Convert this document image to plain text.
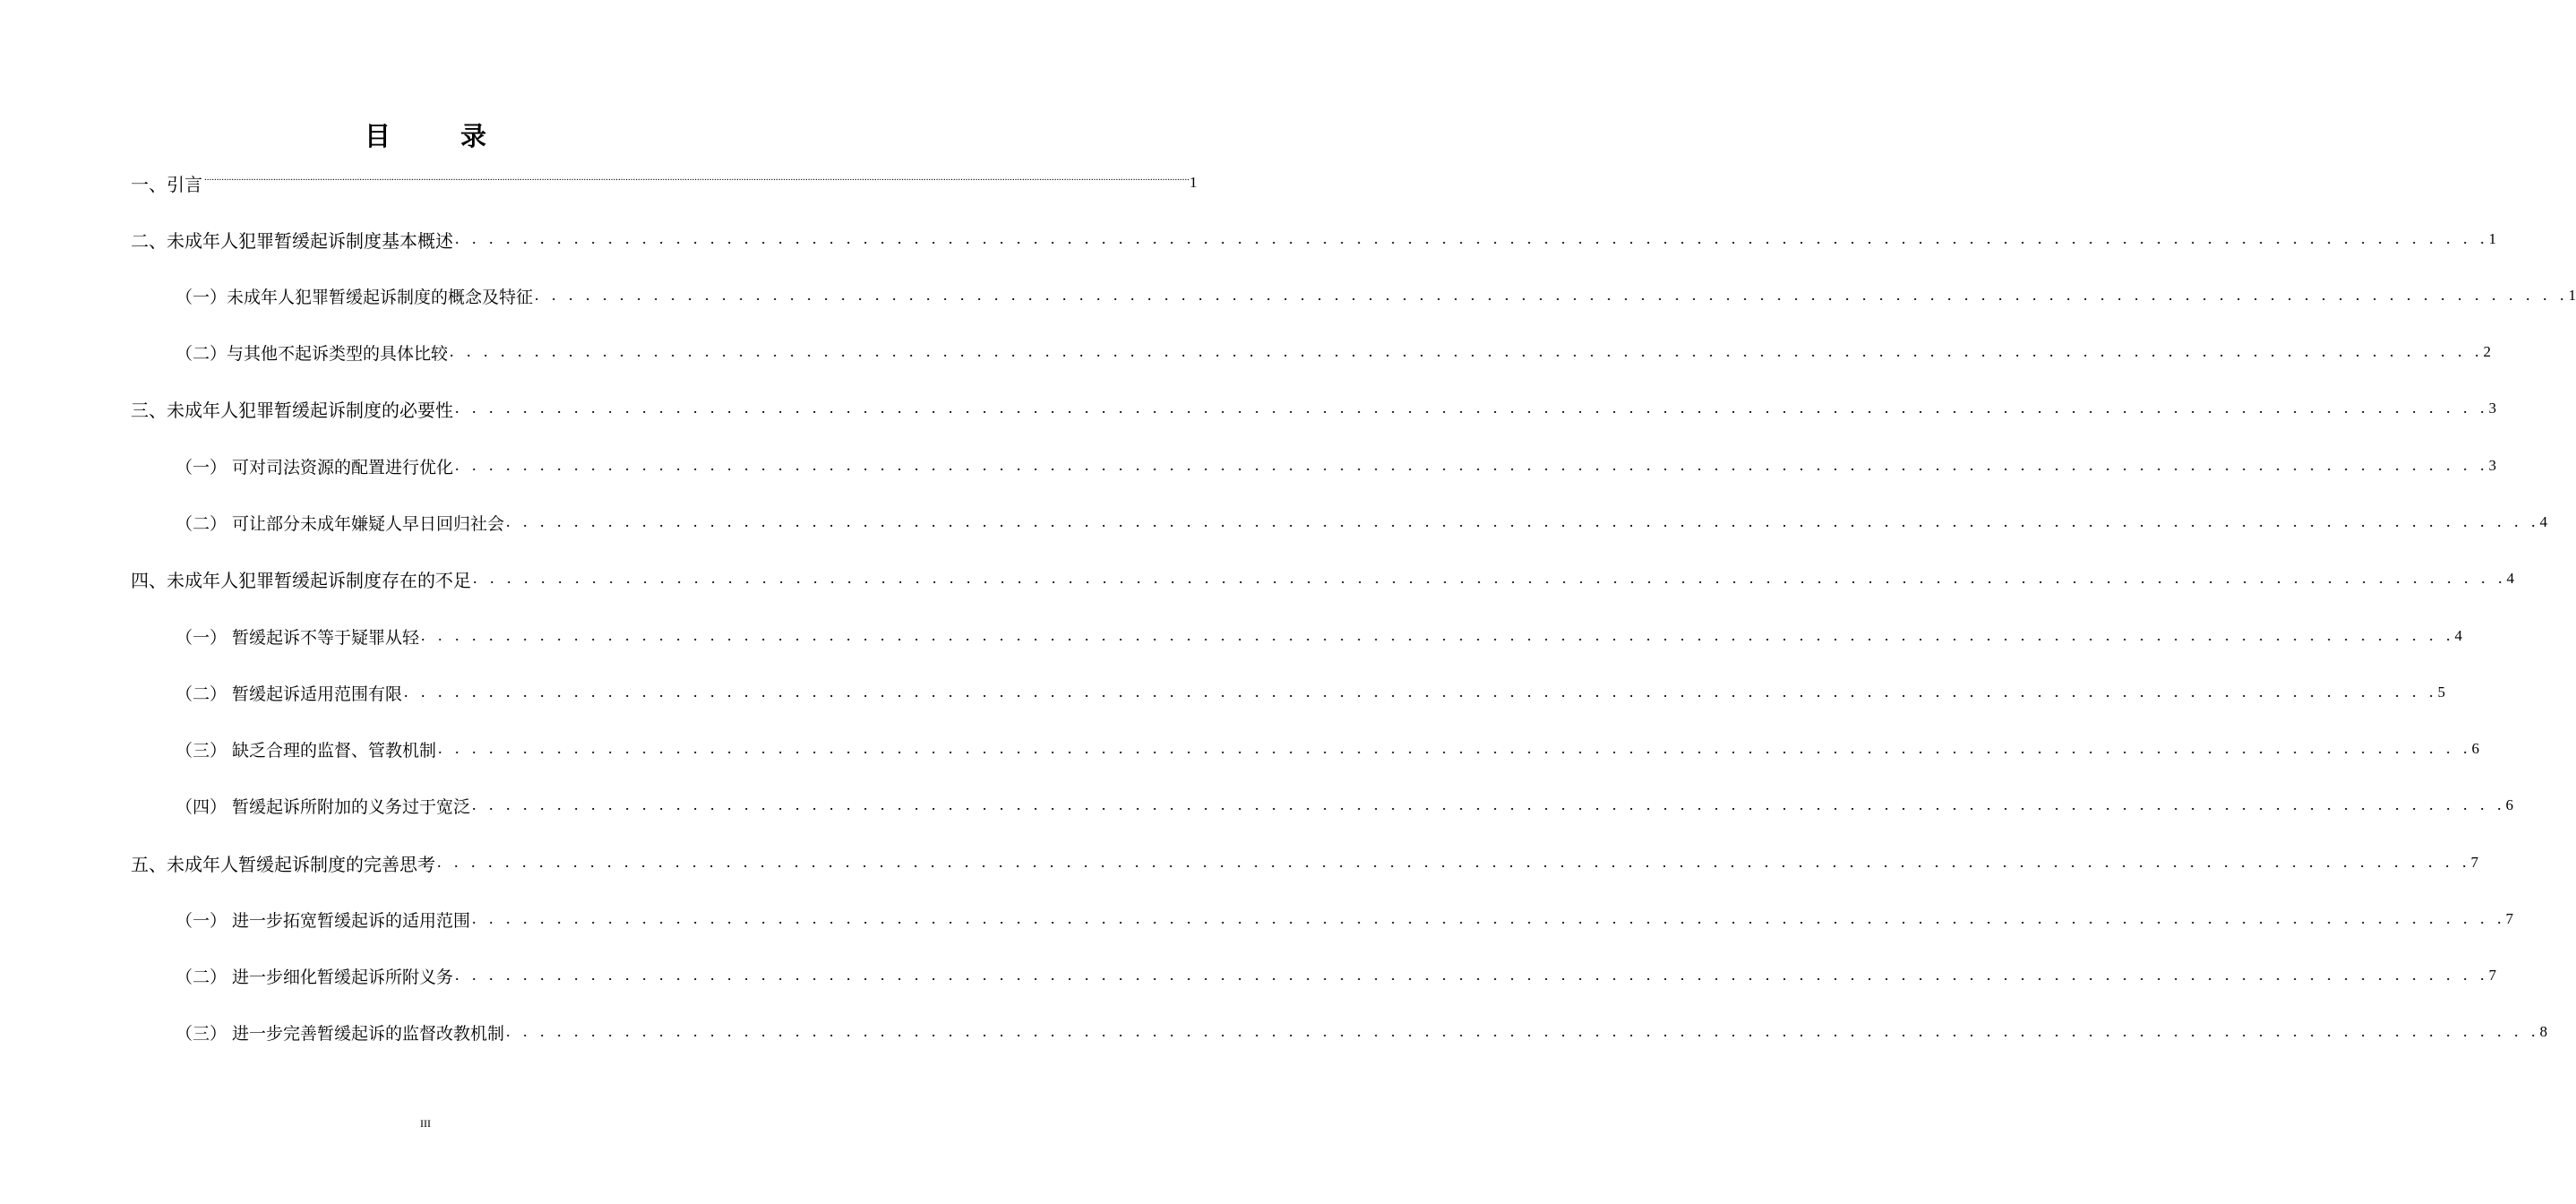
目 录
一、引言 ................................................................................................................................................................................................................................................................................................................................................................................................................ 1
二、未成年人犯罪暂缓起诉制度基本概述 . . . . . . . . . . . . . . . . . . . . . . . . . . . . . . . . . . . . . . . . . . . . . . . . . . . . . . . . . . . . . . . . . . . . . . . . . . . . . . . . . . . . . . . . . . . . . . . . . . . . . . . . . . . . . . . . . . . . . . . . 1
（一）未成年人犯罪暂缓起诉制度的概念及特征 . . . . . . . . . . . . . . . . . . . . . . . . . . . . . . . . . . . . . . . . . . . . . . . . . . . . . . . . . . . . . . . . . . . . . . . . . . . . . . . . . . . . . . . . . . . . . . . . . . . . . . . . . . . . . . . . . . . . . . . . 1
（二）与其他不起诉类型的具体比较 . . . . . . . . . . . . . . . . . . . . . . . . . . . . . . . . . . . . . . . . . . . . . . . . . . . . . . . . . . . . . . . . . . . . . . . . . . . . . . . . . . . . . . . . . . . . . . . . . . . . . . . . . . . . . . . . . . . . . . . . 2
三、未成年人犯罪暂缓起诉制度的必要性 . . . . . . . . . . . . . . . . . . . . . . . . . . . . . . . . . . . . . . . . . . . . . . . . . . . . . . . . . . . . . . . . . . . . . . . . . . . . . . . . . . . . . . . . . . . . . . . . . . . . . . . . . . . . . . . . . . . . . . . . 3
（一） 可对司法资源的配置进行优化 . . . . . . . . . . . . . . . . . . . . . . . . . . . . . . . . . . . . . . . . . . . . . . . . . . . . . . . . . . . . . . . . . . . . . . . . . . . . . . . . . . . . . . . . . . . . . . . . . . . . . . . . . . . . . . . . . . . . . . . . 3
（二） 可让部分未成年嫌疑人早日回归社会 . . . . . . . . . . . . . . . . . . . . . . . . . . . . . . . . . . . . . . . . . . . . . . . . . . . . . . . . . . . . . . . . . . . . . . . . . . . . . . . . . . . . . . . . . . . . . . . . . . . . . . . . . . . . . . . . . . . . . . . . 4
四、未成年人犯罪暂缓起诉制度存在的不足 . . . . . . . . . . . . . . . . . . . . . . . . . . . . . . . . . . . . . . . . . . . . . . . . . . . . . . . . . . . . . . . . . . . . . . . . . . . . . . . . . . . . . . . . . . . . . . . . . . . . . . . . . . . . . . . . . . . . . . . . 4
（一） 暂缓起诉不等于疑罪从轻 . . . . . . . . . . . . . . . . . . . . . . . . . . . . . . . . . . . . . . . . . . . . . . . . . . . . . . . . . . . . . . . . . . . . . . . . . . . . . . . . . . . . . . . . . . . . . . . . . . . . . . . . . . . . . . . . . . . . . . . . 4
（二） 暂缓起诉适用范围有限 . . . . . . . . . . . . . . . . . . . . . . . . . . . . . . . . . . . . . . . . . . . . . . . . . . . . . . . . . . . . . . . . . . . . . . . . . . . . . . . . . . . . . . . . . . . . . . . . . . . . . . . . . . . . . . . . . . . . . . . . 5
（三） 缺乏合理的监督、管教机制 . . . . . . . . . . . . . . . . . . . . . . . . . . . . . . . . . . . . . . . . . . . . . . . . . . . . . . . . . . . . . . . . . . . . . . . . . . . . . . . . . . . . . . . . . . . . . . . . . . . . . . . . . . . . . . . . . . . . . . . . 6
（四） 暂缓起诉所附加的义务过于宽泛 . . . . . . . . . . . . . . . . . . . . . . . . . . . . . . . . . . . . . . . . . . . . . . . . . . . . . . . . . . . . . . . . . . . . . . . . . . . . . . . . . . . . . . . . . . . . . . . . . . . . . . . . . . . . . . . . . . . . . . . . 6
五、未成年人暂缓起诉制度的完善思考 . . . . . . . . . . . . . . . . . . . . . . . . . . . . . . . . . . . . . . . . . . . . . . . . . . . . . . . . . . . . . . . . . . . . . . . . . . . . . . . . . . . . . . . . . . . . . . . . . . . . . . . . . . . . . . . . . . . . . . . . 7
（一） 进一步拓宽暂缓起诉的适用范围 . . . . . . . . . . . . . . . . . . . . . . . . . . . . . . . . . . . . . . . . . . . . . . . . . . . . . . . . . . . . . . . . . . . . . . . . . . . . . . . . . . . . . . . . . . . . . . . . . . . . . . . . . . . . . . . . . . . . . . . . 7
（二） 进一步细化暂缓起诉所附义务 . . . . . . . . . . . . . . . . . . . . . . . . . . . . . . . . . . . . . . . . . . . . . . . . . . . . . . . . . . . . . . . . . . . . . . . . . . . . . . . . . . . . . . . . . . . . . . . . . . . . . . . . . . . . . . . . . . . . . . . . 7
（三） 进一步完善暂缓起诉的监督改教机制 . . . . . . . . . . . . . . . . . . . . . . . . . . . . . . . . . . . . . . . . . . . . . . . . . . . . . . . . . . . . . . . . . . . . . . . . . . . . . . . . . . . . . . . . . . . . . . . . . . . . . . . . . . . . . . . . . . . . . . . . 8
III
